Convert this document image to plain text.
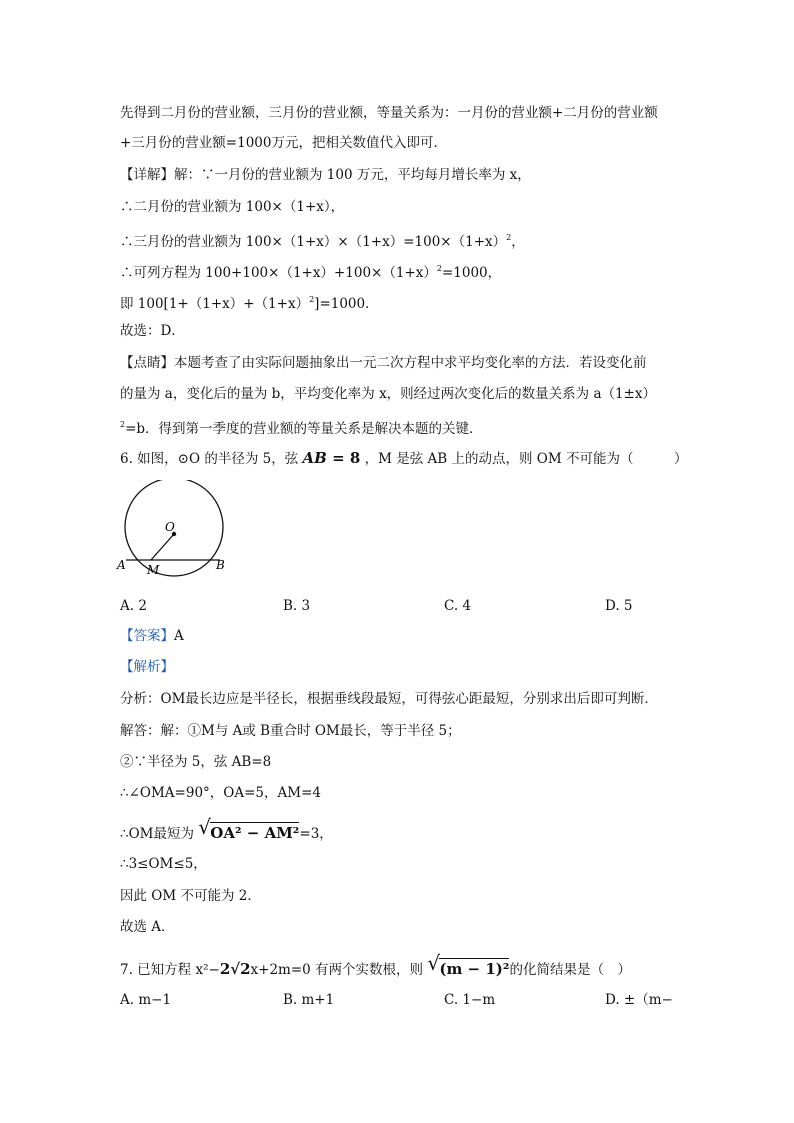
先得到二月份的营业额，三月份的营业额，等量关系为：一月份的营业额+二月份的营业额
+三月份的营业额=1000万元，把相关数值代入即可．
【详解】解：∵一月份的营业额为 100 万元，平均每月增长率为 x，
∴二月份的营业额为 100×（1+x），
∴三月份的营业额为 $100\times(1+x)\times(1+x)=100\times(1+x)^2$，
∴可列方程为 $100+100\times(1+x)+100\times(1+x)^2=1000$，
即 $100[1+(1+x)+(1+x)^2]=1000$．
故选：D．
【点睛】本题考查了由实际问题抽象出一元二次方程中求平均变化率的方法．若设变化前
的量为 a，变化后的量为 b，平均变化率为 x，则经过两次变化后的数量关系为 a（1±x）
$^2$=b．得到第一季度的营业额的等量关系是解决本题的关键．
6. 如图，⊙O 的半径为 5，弦 AB = 8 ，M 是弦 AB 上的动点，则 OM 不可能为（　　　）
O
A M	B
A. 2	B. 3	C. 4	D. 5
【答案】A
【解析】
分析：OM最长边应是半径长，根据垂线段最短，可得弦心距最短，分别求出后即可判断．
解答：解：①M与 A或 B重合时 OM最长，等于半径 5；
②∵半径为 5，弦 AB=8
∴∠OMA=90°，OA=5，AM=4
∴OM最短为 √ OA² − AM²=3，
∴3≤OM≤5，
因此 OM 不可能为 2．
故选 A．
7. 已知方程 x²−2√2x+2m=0 有两个实数根，则 √ (m − 1)²的化简结果是（　）
A. m−1	B. m+1	C. 1−m	D. ±（m−
